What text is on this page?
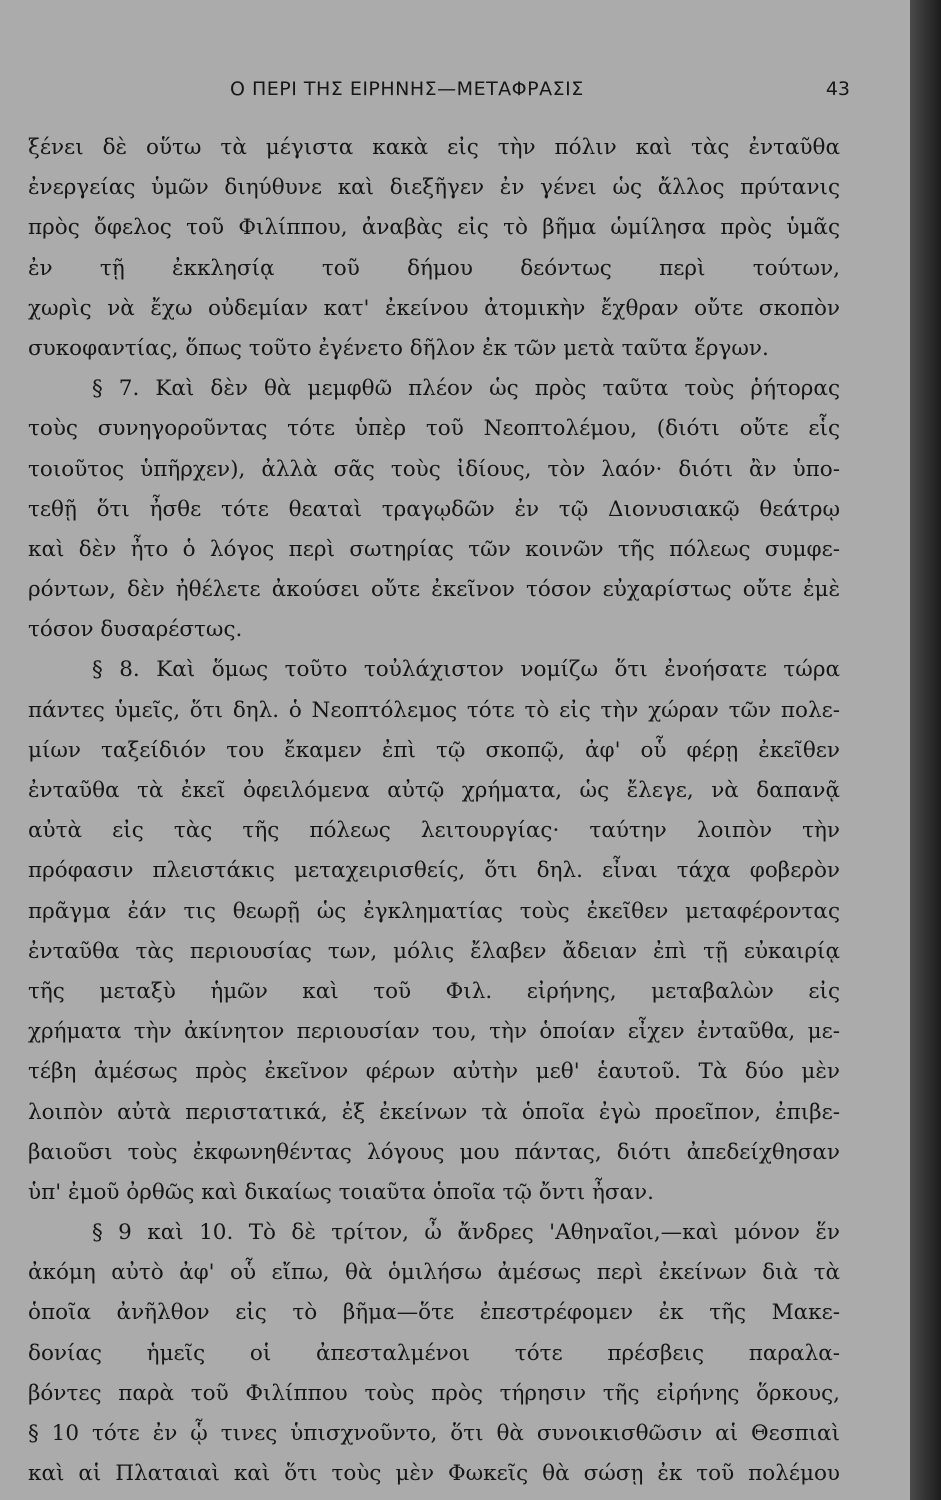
Ο ΠΕΡΙ ΤΗΣ ΕΙΡΗΝΗΣ—ΜΕΤΑΦΡΑΣΙΣ	43
ξένει δὲ οὕτω τὰ μέγιστα κακὰ εἰς τὴν πόλιν καὶ τὰς ἐνταῦθα
ἐνεργείας ὑμῶν διηύθυνε καὶ διεξῆγεν ἐν γένει ὡς ἄλλος πρύτανις
πρὸς ὄφελος τοῦ Φιλίππου, ἀναβὰς εἰς τὸ βῆμα ὡμίλησα πρὸς ὑμᾶς
ἐν τῇ ἐκκλησίᾳ τοῦ δήμου δεόντως περὶ τούτων,
χωρὶς νὰ ἔχω οὐδεμίαν κατ' ἐκείνου ἀτομικὴν ἔχθραν οὔτε σκοπὸν
συκοφαντίας, ὅπως τοῦτο ἐγένετο δῆλον ἐκ τῶν μετὰ ταῦτα ἔργων.
§ 7. Καὶ δὲν θὰ μεμφθῶ πλέον ὡς πρὸς ταῦτα τοὺς ῥήτορας
τοὺς συνηγοροῦντας τότε ὑπὲρ τοῦ Νεοπτολέμου, (διότι οὔτε εἷς
τοιοῦτος ὑπῆρχεν), ἀλλὰ σᾶς τοὺς ἰδίους, τὸν λαόν· διότι ἂν ὑπο-
τεθῇ ὅτι ἦσθε τότε θεαταὶ τραγῳδῶν ἐν τῷ Διονυσιακῷ θεάτρῳ
καὶ δὲν ἦτο ὁ λόγος περὶ σωτηρίας τῶν κοινῶν τῆς πόλεως συμφε-
ρόντων, δὲν ἠθέλετε ἀκούσει οὔτε ἐκεῖνον τόσον εὐχαρίστως οὔτε ἐμὲ
τόσον δυσαρέστως.
§ 8. Καὶ ὅμως τοῦτο τοὐλάχιστον νομίζω ὅτι ἐνοήσατε τώρα
πάντες ὑμεῖς, ὅτι δηλ. ὁ Νεοπτόλεμος τότε τὸ εἰς τὴν χώραν τῶν πολε-
μίων ταξείδιόν του ἔκαμεν ἐπὶ τῷ σκοπῷ, ἀφ' οὗ φέρῃ ἐκεῖθεν
ἐνταῦθα τὰ ἐκεῖ ὀφειλόμενα αὐτῷ χρήματα, ὡς ἔλεγε, νὰ δαπανᾷ
αὐτὰ εἰς τὰς τῆς πόλεως λειτουργίας· ταύτην λοιπὸν τὴν
πρόφασιν πλειστάκις μεταχειρισθείς, ὅτι δηλ. εἶναι τάχα φοβερὸν
πρᾶγμα ἐάν τις θεωρῇ ὡς ἐγκληματίας τοὺς ἐκεῖθεν μεταφέροντας
ἐνταῦθα τὰς περιουσίας των, μόλις ἔλαβεν ἄδειαν ἐπὶ τῇ εὐκαιρίᾳ
τῆς μεταξὺ ἡμῶν καὶ τοῦ Φιλ. εἰρήνης, μεταβαλὼν εἰς
χρήματα τὴν ἀκίνητον περιουσίαν του, τὴν ὁποίαν εἶχεν ἐνταῦθα, με-
τέβη ἀμέσως πρὸς ἐκεῖνον φέρων αὐτὴν μεθ' ἑαυτοῦ. Τὰ δύο μὲν
λοιπὸν αὐτὰ περιστατικά, ἐξ ἐκείνων τὰ ὁποῖα ἐγὼ προεῖπον, ἐπιβε-
βαιοῦσι τοὺς ἐκφωνηθέντας λόγους μου πάντας, διότι ἀπεδείχθησαν
ὑπ' ἐμοῦ ὀρθῶς καὶ δικαίως τοιαῦτα ὁποῖα τῷ ὄντι ἦσαν.
§ 9 καὶ 10. Τὸ δὲ τρίτον, ὦ ἄνδρες 'Αθηναῖοι,—καὶ μόνον ἕν
ἀκόμη αὐτὸ ἀφ' οὗ εἴπω, θὰ ὁμιλήσω ἀμέσως περὶ ἐκείνων διὰ τὰ
ὁποῖα ἀνῆλθον εἰς τὸ βῆμα—ὅτε ἐπεστρέφομεν ἐκ τῆς Μακε-
δονίας ἡμεῖς οἱ ἀπεσταλμένοι τότε πρέσβεις παραλα-
βόντες παρὰ τοῦ Φιλίππου τοὺς πρὸς τήρησιν τῆς εἰρήνης ὅρκους,
§ 10 τότε ἐν ᾧ τινες ὑπισχνοῦντο, ὅτι θὰ συνοικισθῶσιν αἱ Θεσπιαὶ
καὶ αἱ Πλαταιαὶ καὶ ὅτι τοὺς μὲν Φωκεῖς θὰ σώσῃ ἐκ τοῦ πολέμου
